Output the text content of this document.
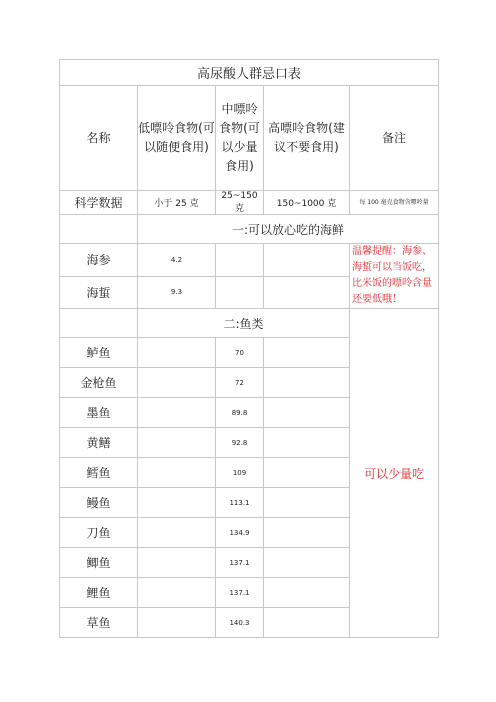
高尿酸人群忌口表				
名称	低嘌呤食物(可以随便食用)	中嘌呤食物(可以少量食用)	高嘌呤食物(建议不要食用)	备注
科学数据	小于 25 克	25~150 克	150~1000 克	每 100 毫克食物含嘌呤量
	一:可以放心吃的海鲜			
海参	4.2			温馨提醒：海参、海蜇可以当饭吃，比米饭的嘌呤含量还要低哦！
海蜇	9.3			
	二:鱼类			可以少量吃
鲈鱼		70		
金枪鱼		72		
墨鱼		89.8		
黄鳝		92.8		
鳕鱼		109		
鳗鱼		113.1		
刀鱼		134.9		
鲫鱼		137.1		
鲤鱼		137.1		
草鱼		140.3		
